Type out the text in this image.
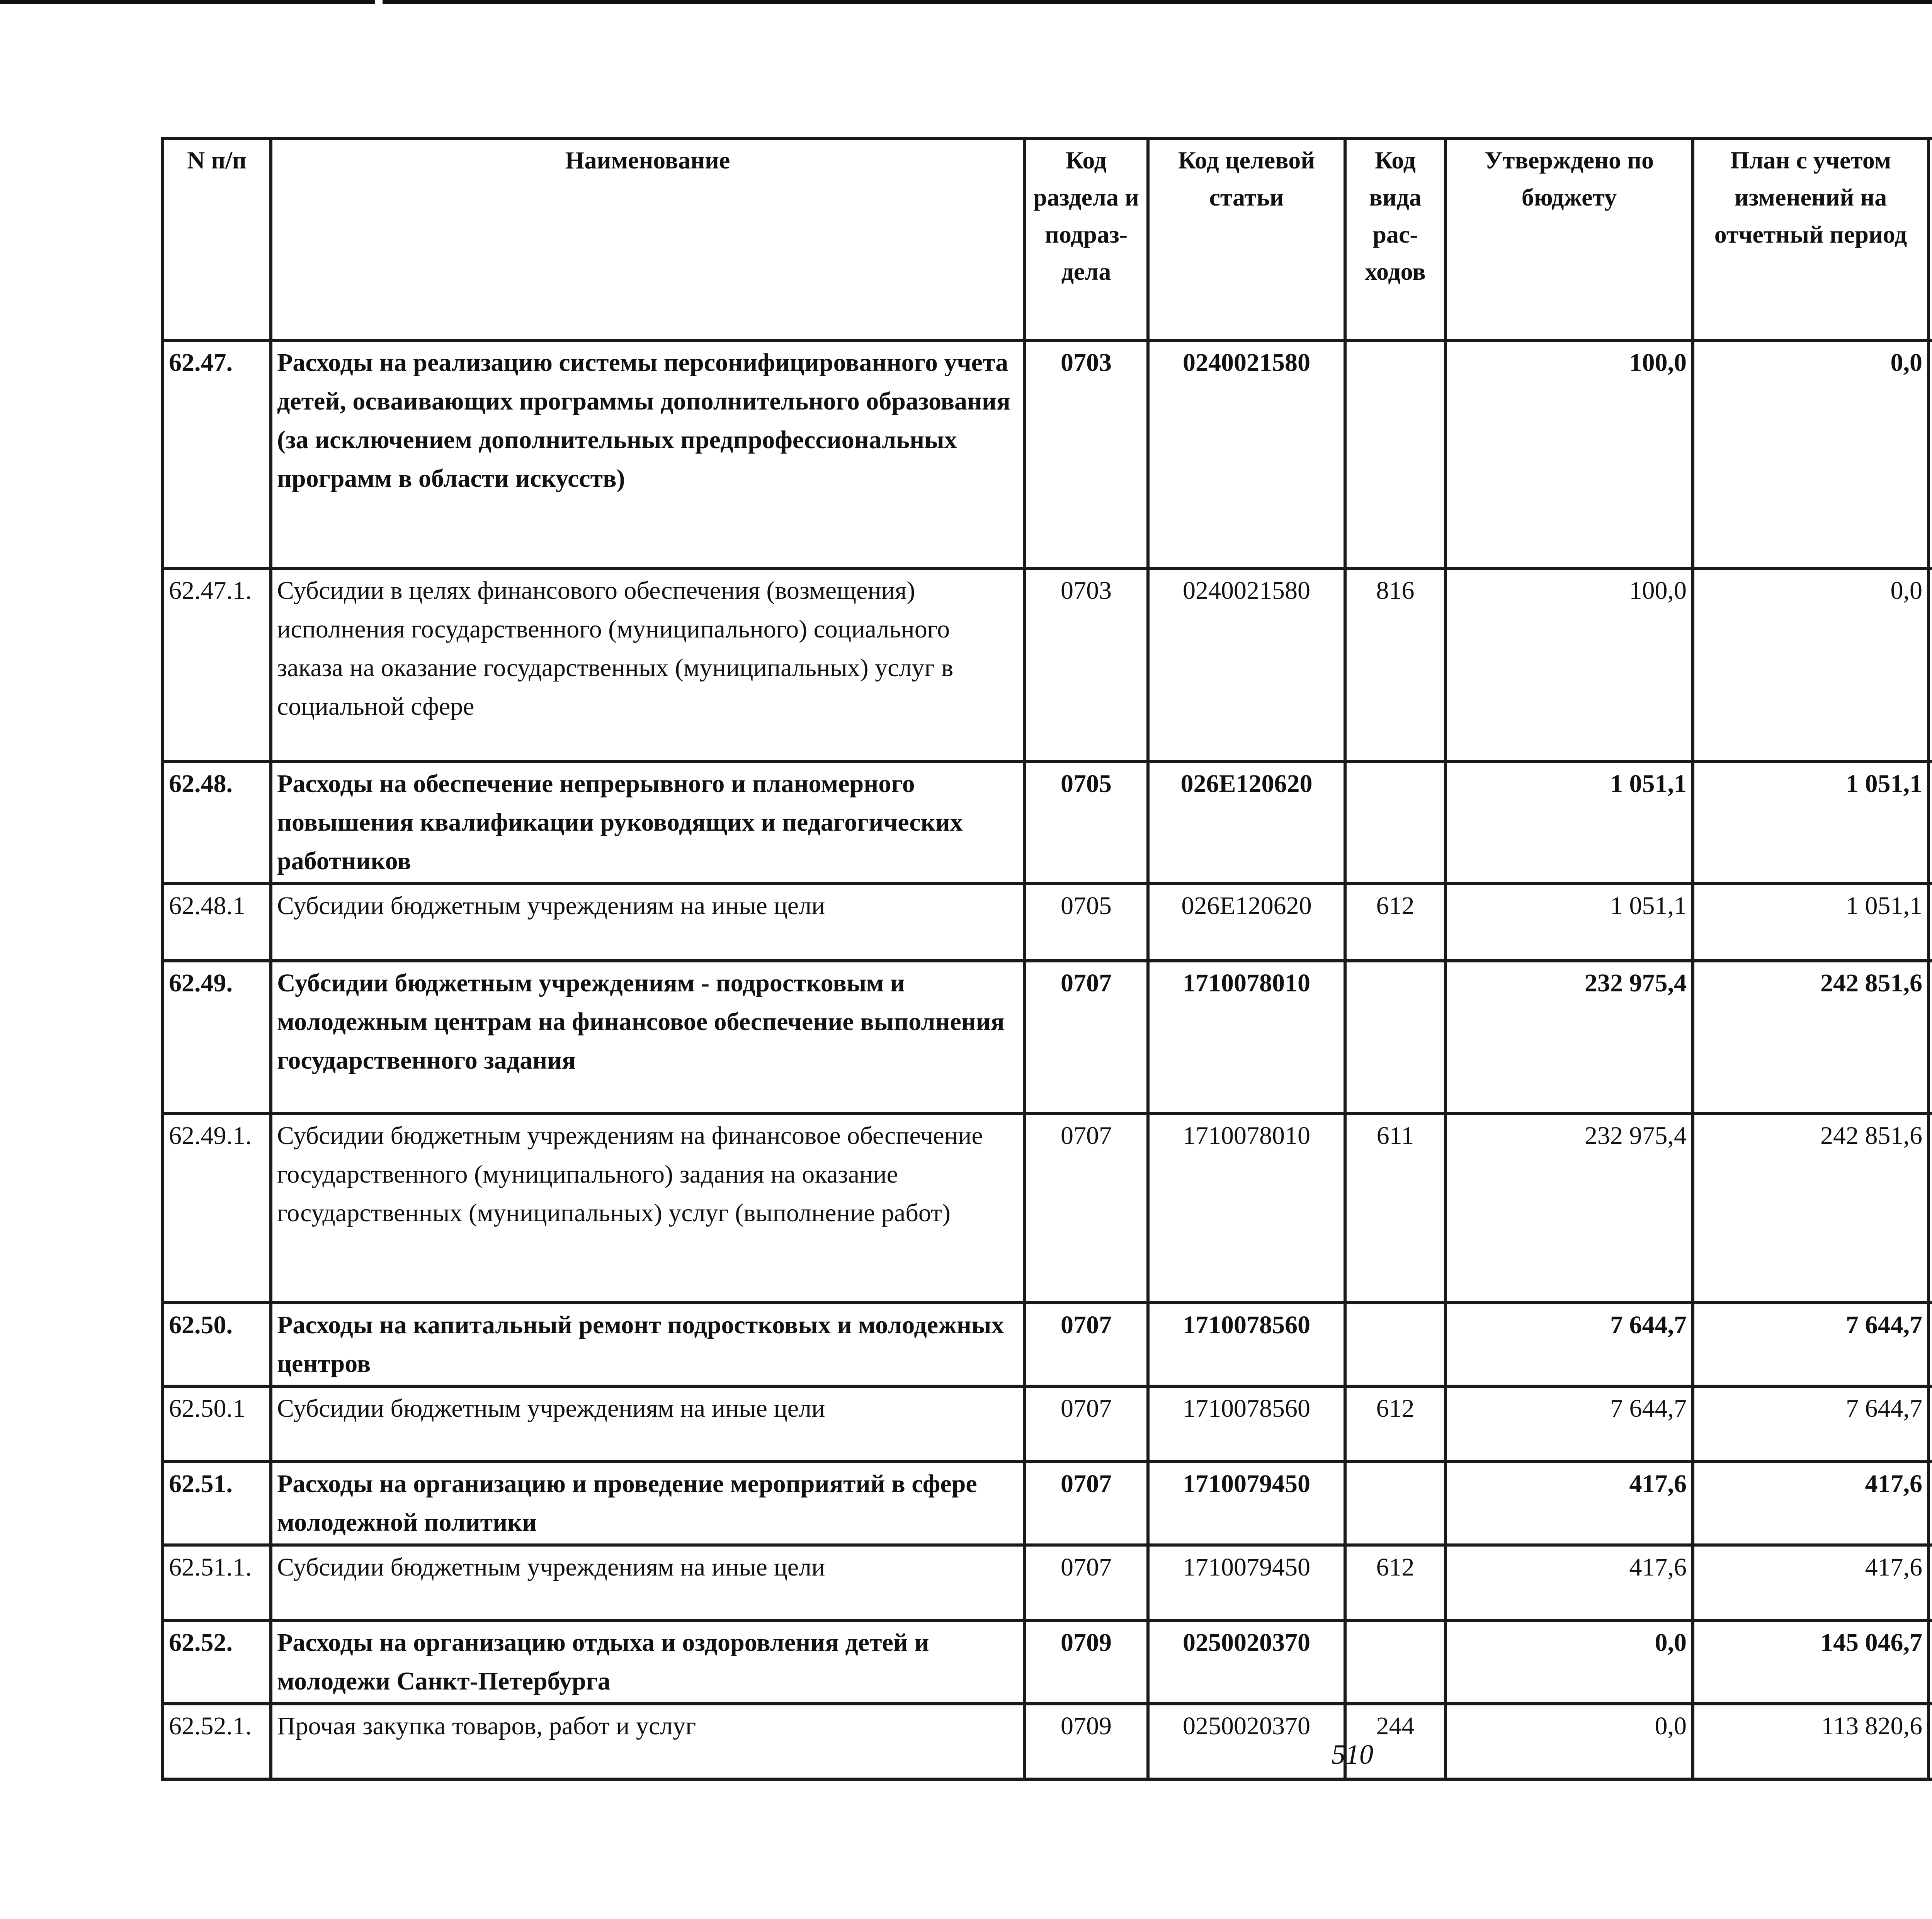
N п/п	Наименование	Код раздела и подраз-дела	Код целевой статьи	Код вида рас-ходов	Утверждено по бюджету	План с учетом изменений на отчетный период		

62.47.	Расходы на реализацию системы персонифицированного учета детей, осваивающих программы дополнительного образования (за исключением дополнительных предпрофессиональных программ в области искусств)	0703	0240021580		100,0	0,0			
62.47.1.	Субсидии в целях финансового обеспечения (возмещения) исполнения государственного (муниципального) социального заказа на оказание государственных (муниципальных) услуг в социальной сфере	0703	0240021580	816	100,0	0,0			
62.48.	Расходы на обеспечение непрерывного и планомерного повышения квалификации руководящих и педагогических работников	0705	026E120620		1 051,1	1 051,1			
62.48.1	Субсидии бюджетным учреждениям на иные цели	0705	026E120620	612	1 051,1	1 051,1			
62.49.	Субсидии бюджетным учреждениям - подростковым и молодежным центрам на финансовое обеспечение выполнения государственного задания	0707	1710078010		232 975,4	242 851,6			
62.49.1.	Субсидии бюджетным учреждениям на финансовое обеспечение государственного (муниципального) задания на оказание государственных (муниципальных) услуг (выполнение работ)	0707	1710078010	611	232 975,4	242 851,6			
62.50.	Расходы на капитальный ремонт подростковых и молодежных центров	0707	1710078560		7 644,7	7 644,7			
62.50.1	Субсидии бюджетным учреждениям на иные цели	0707	1710078560	612	7 644,7	7 644,7			
62.51.	Расходы на организацию и проведение мероприятий в сфере молодежной политики	0707	1710079450		417,6	417,6			
62.51.1.	Субсидии бюджетным учреждениям на иные цели	0707	1710079450	612	417,6	417,6			
62.52.	Расходы на организацию отдыха и оздоровления детей и молодежи Санкт-Петербурга	0709	0250020370		0,0	145 046,7			
62.52.1.	Прочая закупка товаров, работ и услуг	0709	0250020370	244	0,0	113 820,6			
510
